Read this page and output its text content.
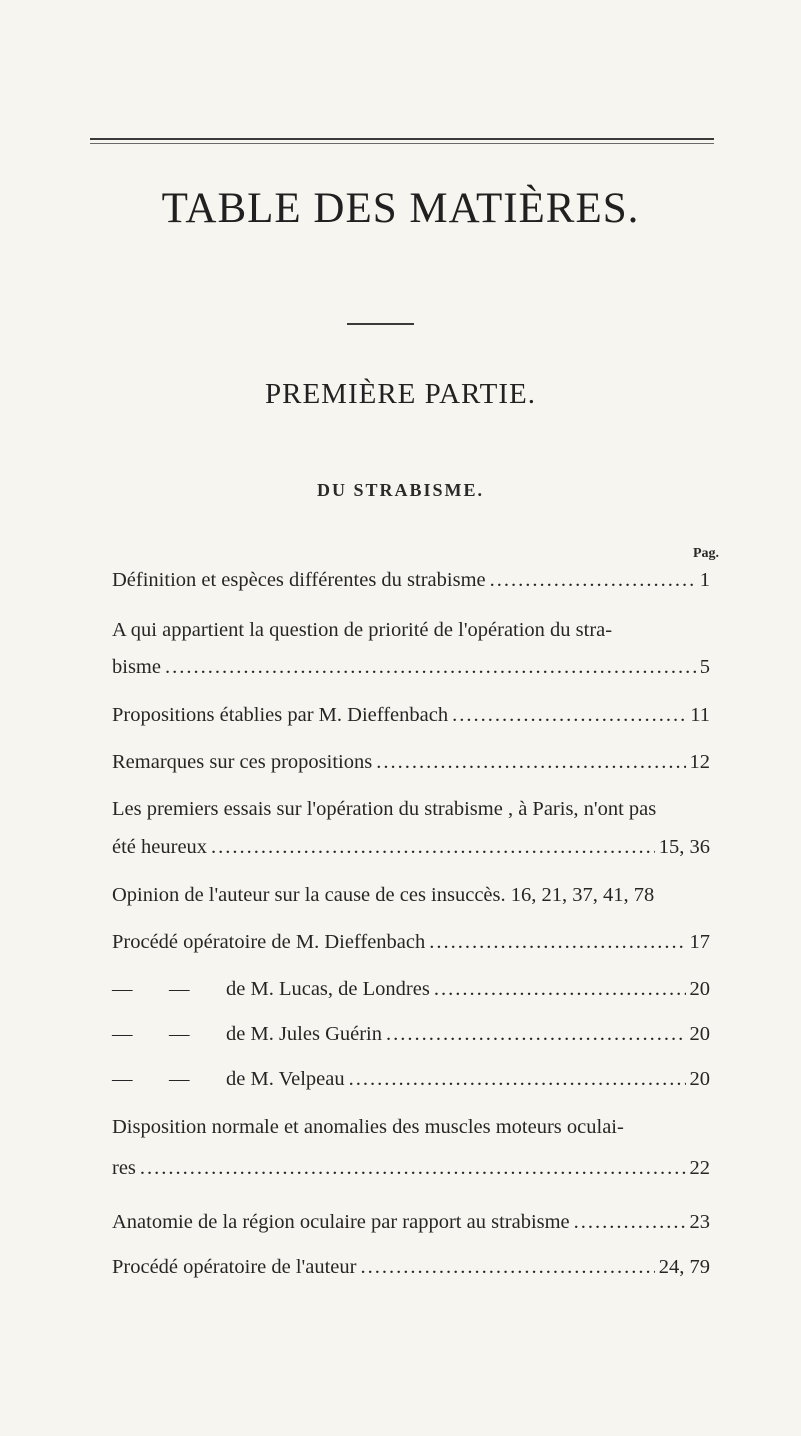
TABLE DES MATIÈRES.
PREMIÈRE PARTIE.
DU STRABISME.
Pag.
Définition et espèces différentes du strabisme .....	1
A qui appartient la question de priorité de l'opération du stra-
bisme .....	5
Propositions établies par M. Dieffenbach .....	11
Remarques sur ces propositions .....	12
Les premiers essais sur l'opération du strabisme , à Paris, n'ont pas
été heureux .....	15, 36
Opinion de l'auteur sur la cause de ces insuccès. 16, 21, 37, 41, 78
Procédé opératoire de M. Dieffenbach .....	17
— — de M. Lucas, de Londres .....	20
— — de M. Jules Guérin .....	20
— — de M. Velpeau .....	20
Disposition normale et anomalies des muscles moteurs oculai-
res .....	22
Anatomie de la région oculaire par rapport au strabisme .....	23
Procédé opératoire de l'auteur .....	24, 79
